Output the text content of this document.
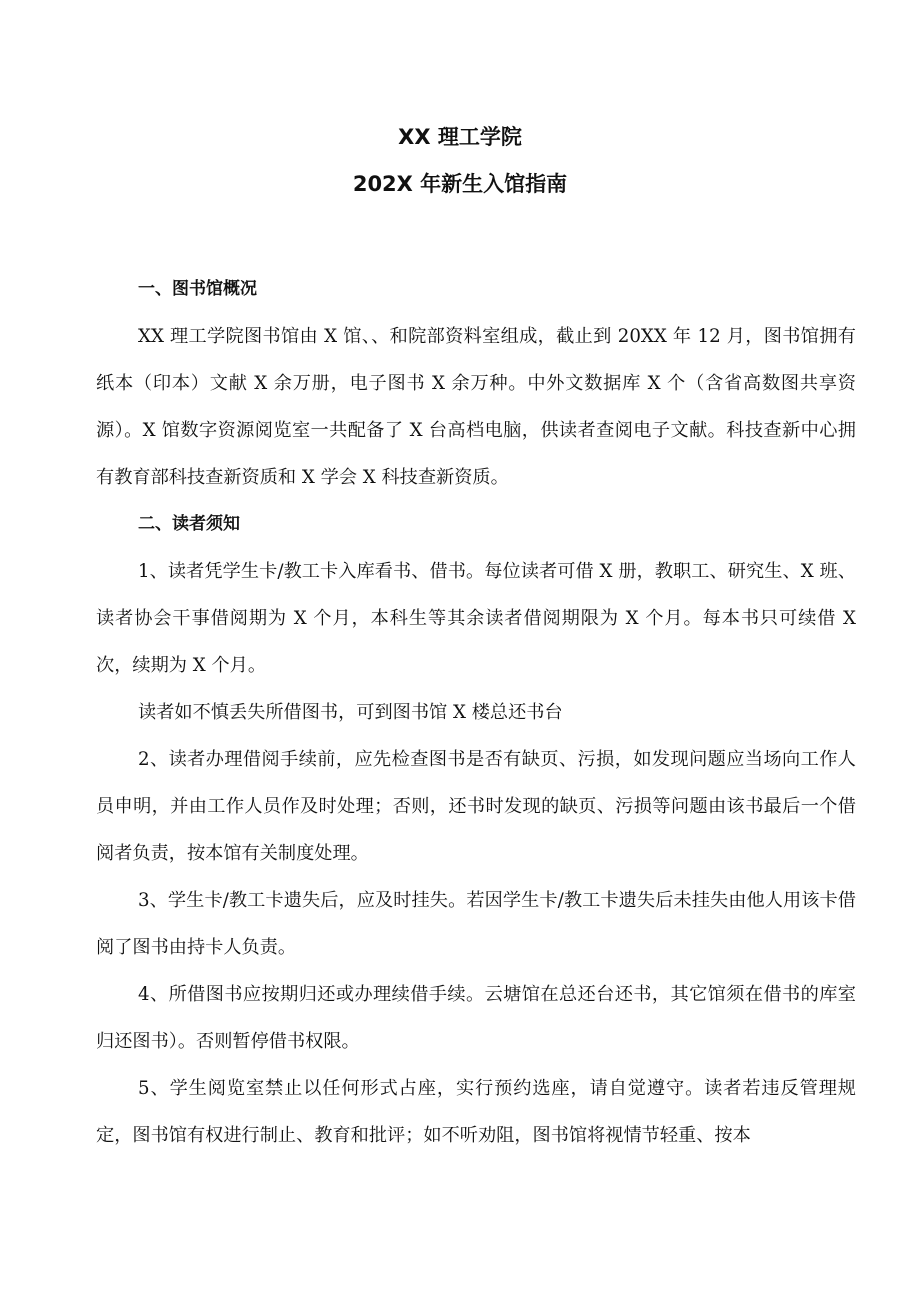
XX 理工学院
202X 年新生入馆指南
一、图书馆概况

XX 理工学院图书馆由 X 馆、、和院部资料室组成，截止到 20XX 年 12 月，图书馆拥有纸本（印本）文献 X 余万册，电子图书 X 余万种。中外文数据库 X 个（含省高数图共享资源）。X 馆数字资源阅览室一共配备了 X 台高档电脑，供读者查阅电子文献。科技查新中心拥有教育部科技查新资质和 X 学会 X 科技查新资质。

二、读者须知

1、读者凭学生卡/教工卡入库看书、借书。每位读者可借 X 册，教职工、研究生、X 班、读者协会干事借阅期为 X 个月，本科生等其余读者借阅期限为 X 个月。每本书只可续借 X 次，续期为 X 个月。

读者如不慎丢失所借图书，可到图书馆 X 楼总还书台

2、读者办理借阅手续前，应先检查图书是否有缺页、污损，如发现问题应当场向工作人员申明，并由工作人员作及时处理；否则，还书时发现的缺页、污损等问题由该书最后一个借阅者负责，按本馆有关制度处理。

3、学生卡/教工卡遗失后，应及时挂失。若因学生卡/教工卡遗失后未挂失由他人用该卡借阅了图书由持卡人负责。

4、所借图书应按期归还或办理续借手续。云塘馆在总还台还书，其它馆须在借书的库室归还图书）。否则暂停借书权限。

5、学生阅览室禁止以任何形式占座，实行预约选座，请自觉遵守。读者若违反管理规定，图书馆有权进行制止、教育和批评；如不听劝阻，图书馆将视情节轻重、按本
